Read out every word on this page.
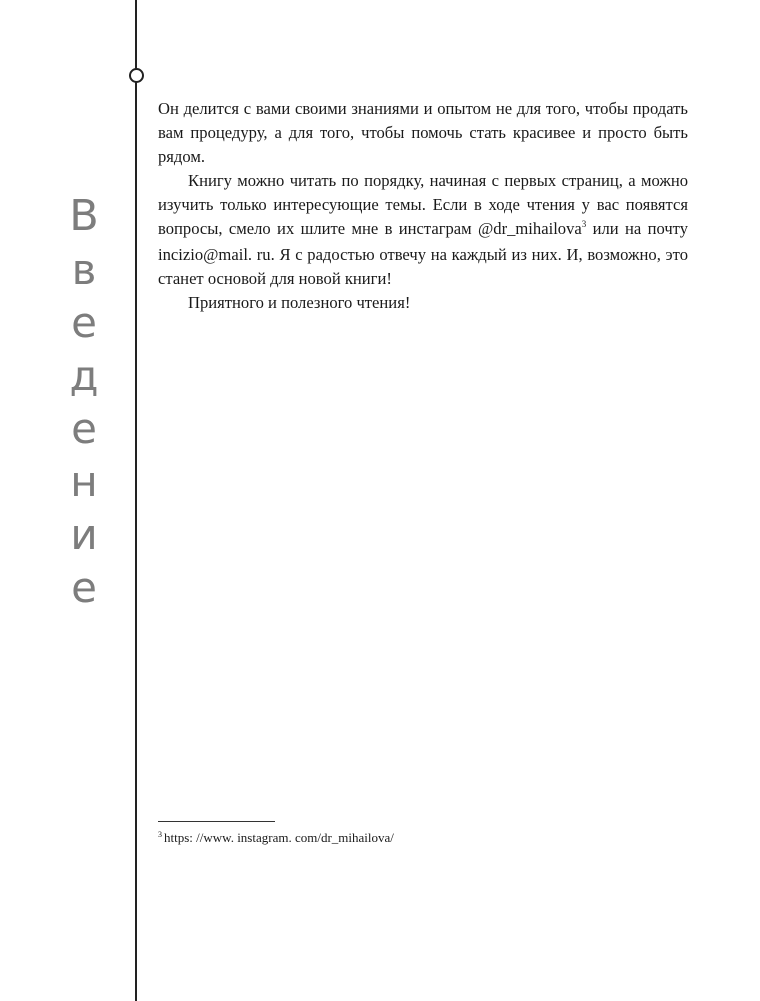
В
в
е
д
е
н
и
е

Он делится с вами своими знаниями и опытом не для того, чтобы продать вам процедуру, а для того, чтобы помочь стать красивее и просто быть рядом.

Книгу можно читать по порядку, начиная с первых страниц, а можно изучить только интересующие темы. Если в ходе чтения у вас появятся вопросы, смело их шлите мне в инстаграм @dr_mihailova$^3$ или на почту incizio@mail. ru. Я с радостью отвечу на каждый из них. И, возможно, это станет основой для новой книги!

Приятного и полезного чтения!

$^3$ https: //www. instagram. com/dr_mihailova/
